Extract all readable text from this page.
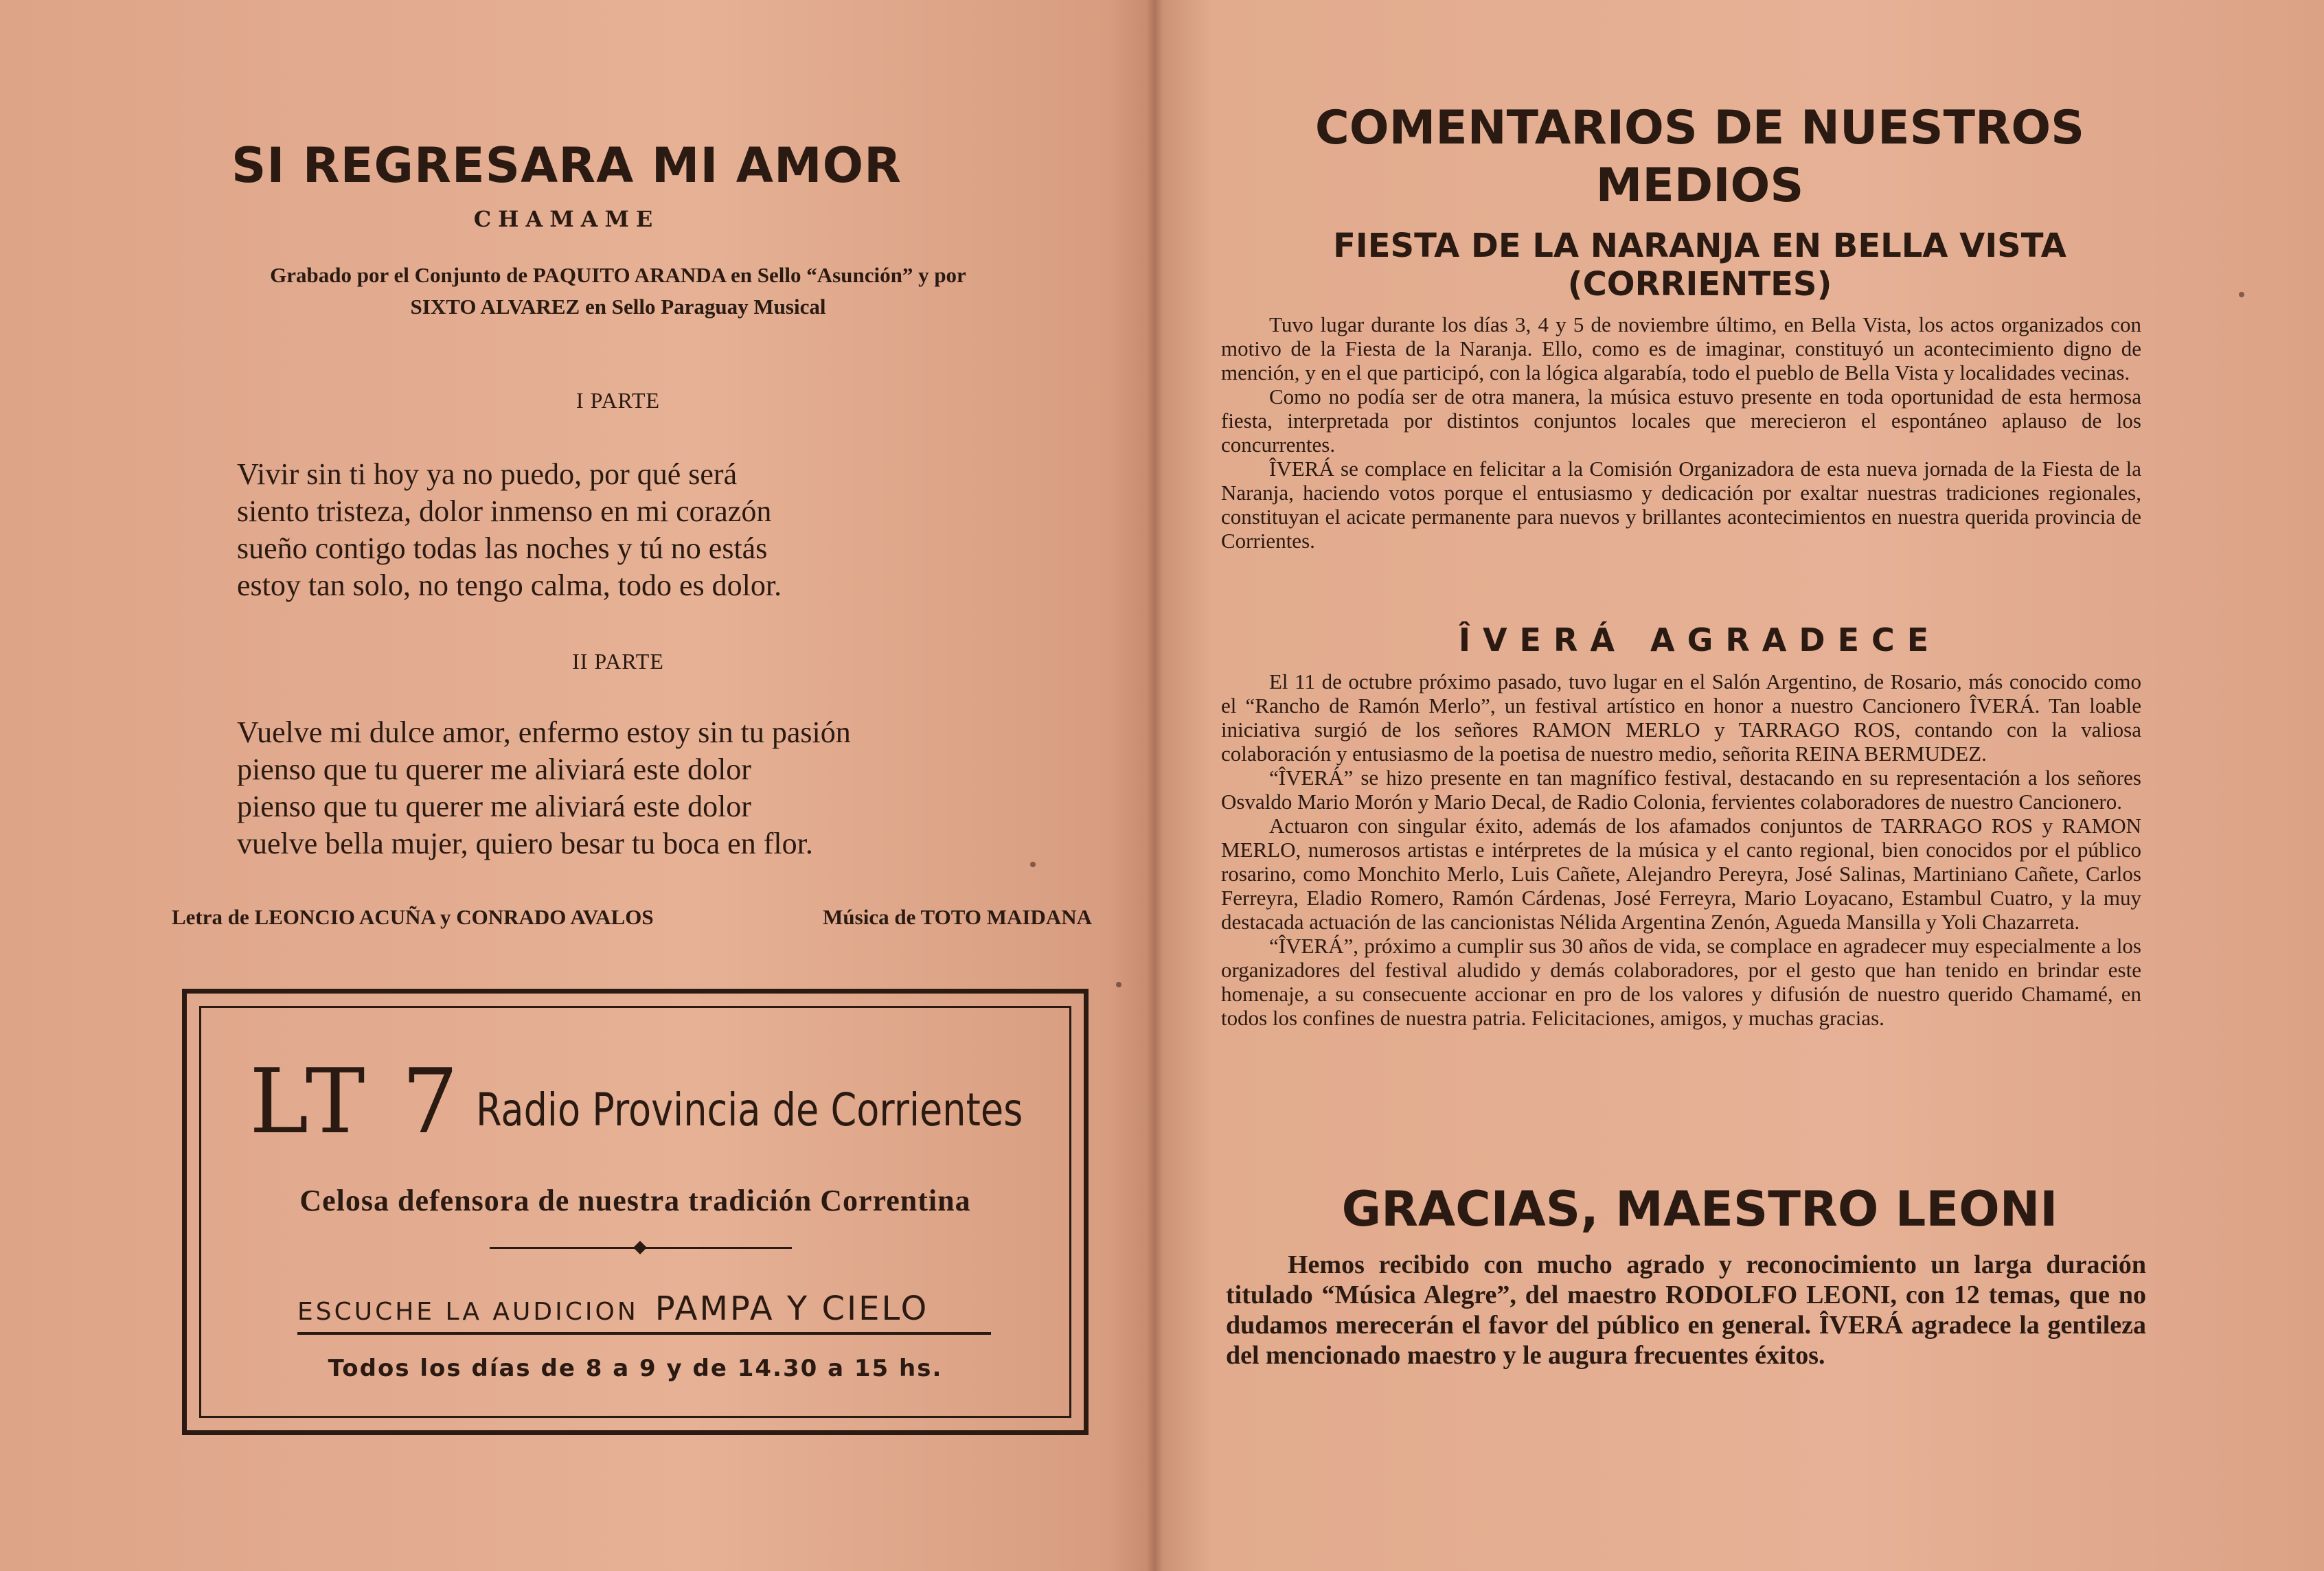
SI REGRESARA MI AMOR
CHAMAME
Grabado por el Conjunto de PAQUITO ARANDA en Sello “Asunción” y por
SIXTO ALVAREZ en Sello Paraguay Musical
I PARTE
Vivir sin ti hoy ya no puedo, por qué será
siento tristeza, dolor inmenso en mi corazón
sueño contigo todas las noches y tú no estás
estoy tan solo, no tengo calma, todo es dolor.
II PARTE
Vuelve mi dulce amor, enfermo estoy sin tu pasión
pienso que tu querer me aliviará este dolor
pienso que tu querer me aliviará este dolor
vuelve bella mujer, quiero besar tu boca en flor.
Letra de LEONCIO ACUÑA y CONRADO AVALOS	Música de TOTO MAIDANA
LT 7 Radio Provincia de Corrientes
Celosa defensora de nuestra tradición Correntina
ESCUCHE LA AUDICION PAMPA Y CIELO
Todos los días de 8 a 9 y de 14.30 a 15 hs.
COMENTARIOS DE NUESTROS
MEDIOS
FIESTA DE LA NARANJA EN BELLA VISTA
(CORRIENTES)

Tuvo lugar durante los días 3, 4 y 5 de noviembre último, en Bella Vista, los actos organizados con motivo de la Fiesta de la Naranja. Ello, como es de imaginar, constituyó un acontecimiento digno de mención, y en el que participó, con la lógica algarabía, todo el pueblo de Bella Vista y localidades vecinas.

Como no podía ser de otra manera, la música estuvo presente en toda oportunidad de esta hermosa fiesta, interpretada por distintos conjuntos locales que merecieron el espontáneo aplauso de los concurrentes.

ÎVERÁ se complace en felicitar a la Comisión Organizadora de esta nueva jornada de la Fiesta de la Naranja, haciendo votos porque el entusiasmo y dedicación por exaltar nuestras tradiciones regionales, constituyan el acicate permanente para nuevos y brillantes acontecimientos en nuestra querida provincia de Corrientes.

ÎVERÁ AGRADECE

El 11 de octubre próximo pasado, tuvo lugar en el Salón Argentino, de Rosario, más conocido como el “Rancho de Ramón Merlo”, un festival artístico en honor a nuestro Cancionero ÎVERÁ. Tan loable iniciativa surgió de los señores RAMON MERLO y TARRAGO ROS, contando con la valiosa colaboración y entusiasmo de la poetisa de nuestro medio, señorita REINA BERMUDEZ.

“ÎVERÁ” se hizo presente en tan magnífico festival, destacando en su representación a los señores Osvaldo Mario Morón y Mario Decal, de Radio Colonia, fervientes colaboradores de nuestro Cancionero.

Actuaron con singular éxito, además de los afamados conjuntos de TARRAGO ROS y RAMON MERLO, numerosos artistas e intérpretes de la música y el canto regional, bien conocidos por el público rosarino, como Monchito Merlo, Luis Cañete, Alejandro Pereyra, José Salinas, Martiniano Cañete, Carlos Ferreyra, Eladio Romero, Ramón Cárdenas, José Ferreyra, Mario Loyacano, Estambul Cuatro, y la muy destacada actuación de las cancionistas Nélida Argentina Zenón, Agueda Mansilla y Yoli Chazarreta.

“ÎVERÁ”, próximo a cumplir sus 30 años de vida, se complace en agradecer muy especialmente a los organizadores del festival aludido y demás colaboradores, por el gesto que han tenido en brindar este homenaje, a su consecuente accionar en pro de los valores y difusión de nuestro querido Chamamé, en todos los confines de nuestra patria. Felicitaciones, amigos, y muchas gracias.

GRACIAS, MAESTRO LEONI

Hemos recibido con mucho agrado y reconocimiento un larga duración titulado “Música Alegre”, del maestro RODOLFO LEONI, con 12 temas, que no dudamos merecerán el favor del público en general. ÎVERÁ agradece la gentileza del mencionado maestro y le augura frecuentes éxitos.
